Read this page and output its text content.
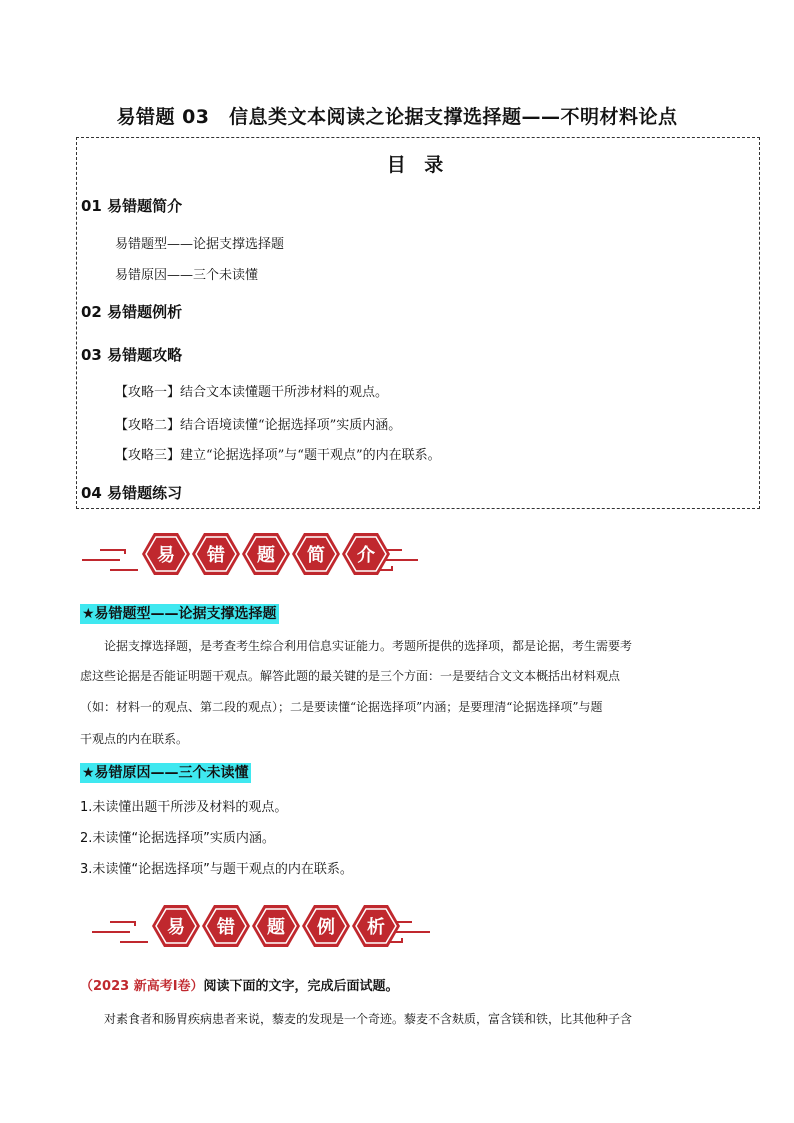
易错题 03　信息类文本阅读之论据支撑选择题——不明材料论点
目 录
01 易错题简介
易错题型——论据支撑选择题
易错原因——三个未读懂
02 易错题例析
03 易错题攻略
【攻略一】结合文本读懂题干所涉材料的观点。
【攻略二】结合语境读懂“论据选择项”实质内涵。
【攻略三】建立“论据选择项”与“题干观点”的内在联系。
04 易错题练习
易 错 题 简 介
★易错题型——论据支撑选择题
论据支撑选择题，是考查考生综合利用信息实证能力。考题所提供的选择项，都是论据，考生需要考
虑这些论据是否能证明题干观点。解答此题的最关键的是三个方面：一是要结合文文本概括出材料观点
（如：材料一的观点、第二段的观点）；二是要读懂“论据选择项”内涵；是要理清“论据选择项”与题
干观点的内在联系。
★易错原因——三个未读懂
1.未读懂出题干所涉及材料的观点。
2.未读懂“论据选择项”实质内涵。
3.未读懂“论据选择项”与题干观点的内在联系。
易 错 题 例 析
（2023 新高考Ⅰ卷）阅读下面的文字，完成后面试题。
对素食者和肠胃疾病患者来说，藜麦的发现是一个奇迹。藜麦不含麸质，富含镁和铁，比其他种子含
